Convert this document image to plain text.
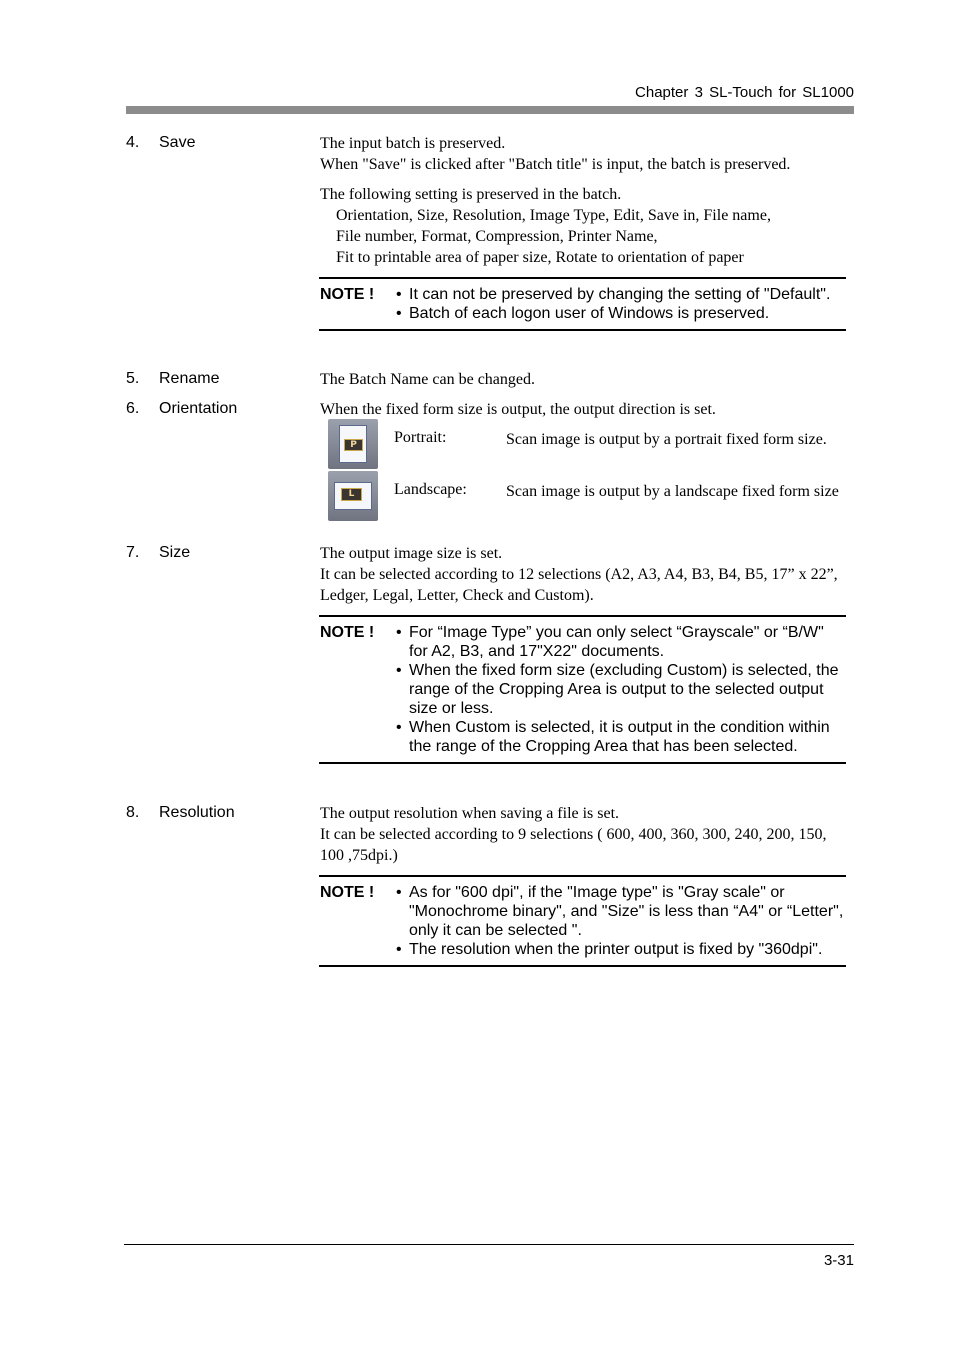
Chapter 3 SL-Touch for SL1000
4. Save	The input batch is preserved.
When "Save" is clicked after "Batch title" is input, the batch is preserved.
The following setting is preserved in the batch.
Orientation, Size, Resolution, Image Type, Edit, Save in, File name,
File number, Format, Compression, Printer Name,
Fit to printable area of paper size, Rotate to orientation of paper
NOTE ! • It can not be preserved by changing the setting of "Default".
• Batch of each logon user of Windows is preserved.
5. Rename	The Batch Name can be changed.
6. Orientation	When the fixed form size is output, the output direction is set.
P	Portrait:	Scan image is output by a portrait fixed form size.
L	Landscape: Scan image is output by a landscape fixed form size
7. Size	The output image size is set.
It can be selected according to 12 selections (A2, A3, A4, B3, B4, B5, 17” x 22”, Ledger, Legal, Letter, Check and Custom).
NOTE ! • For “Image Type” you can only select “Grayscale" or “B/W" for A2, B3, and 17"X22" documents.
• When the fixed form size (excluding Custom) is selected, the range of the Cropping Area is output to the selected output size or less.
• When Custom is selected, it is output in the condition within the range of the Cropping Area that has been selected.
8. Resolution	The output resolution when saving a file is set.
It can be selected according to 9 selections ( 600, 400, 360, 300, 240, 200, 150, 100 ,75dpi.)
NOTE ! • As for "600 dpi", if the "Image type" is "Gray scale" or "Monochrome binary", and "Size" is less than “A4" or “Letter", only it can be selected ".
• The resolution when the printer output is fixed by "360dpi".
3-31
